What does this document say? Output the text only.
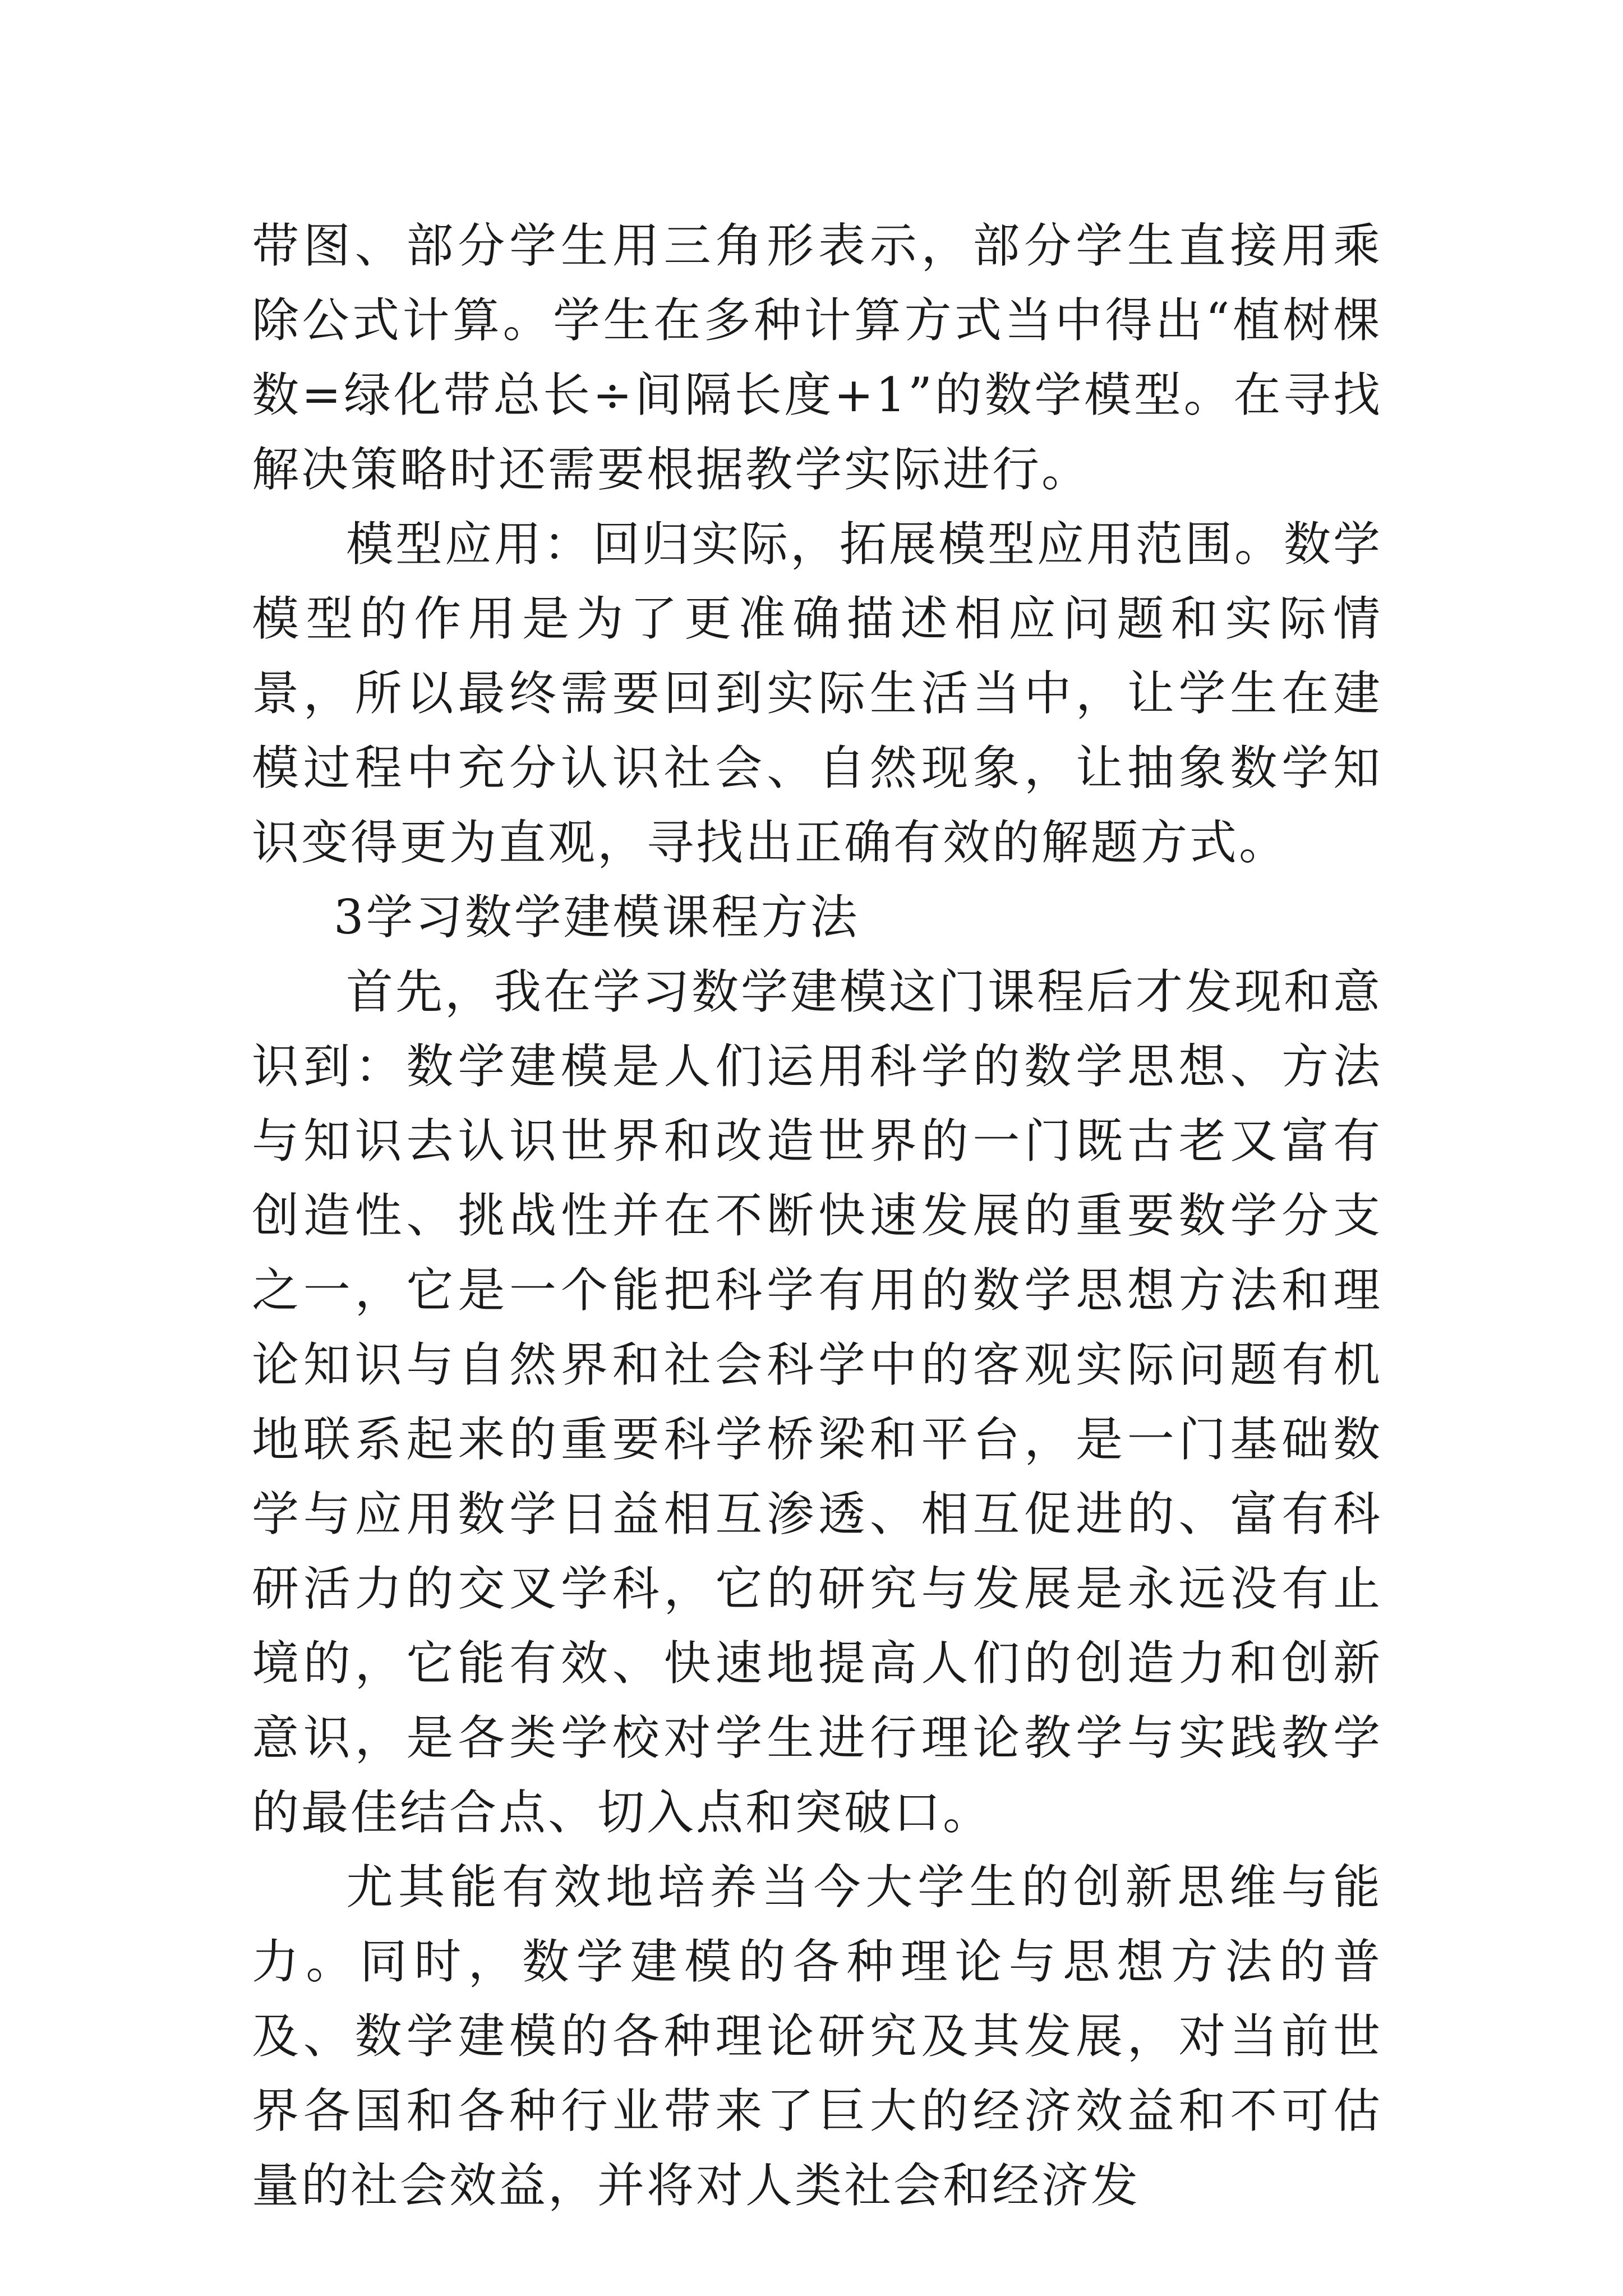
带图、部分学生用三角形表示，部分学生直接用乘除公式计算。学生在多种计算方式当中得出“植树棵数=绿化带总长÷间隔长度+1”的数学模型。在寻找解决策略时还需要根据教学实际进行。

模型应用：回归实际，拓展模型应用范围。数学模型的作用是为了更准确描述相应问题和实际情景，所以最终需要回到实际生活当中，让学生在建模过程中充分认识社会、自然现象，让抽象数学知识变得更为直观，寻找出正确有效的解题方式。

3学习数学建模课程方法

首先，我在学习数学建模这门课程后才发现和意识到：数学建模是人们运用科学的数学思想、方法与知识去认识世界和改造世界的一门既古老又富有创造性、挑战性并在不断快速发展的重要数学分支之一，它是一个能把科学有用的数学思想方法和理论知识与自然界和社会科学中的客观实际问题有机地联系起来的重要科学桥梁和平台，是一门基础数学与应用数学日益相互渗透、相互促进的、富有科研活力的交叉学科，它的研究与发展是永远没有止境的，它能有效、快速地提高人们的创造力和创新意识，是各类学校对学生进行理论教学与实践教学的最佳结合点、切入点和突破口。

尤其能有效地培养当今大学生的创新思维与能力。同时，数学建模的各种理论与思想方法的普及、数学建模的各种理论研究及其发展，对当前世界各国和各种行业带来了巨大的经济效益和不可估量的社会效益，并将对人类社会和经济发
